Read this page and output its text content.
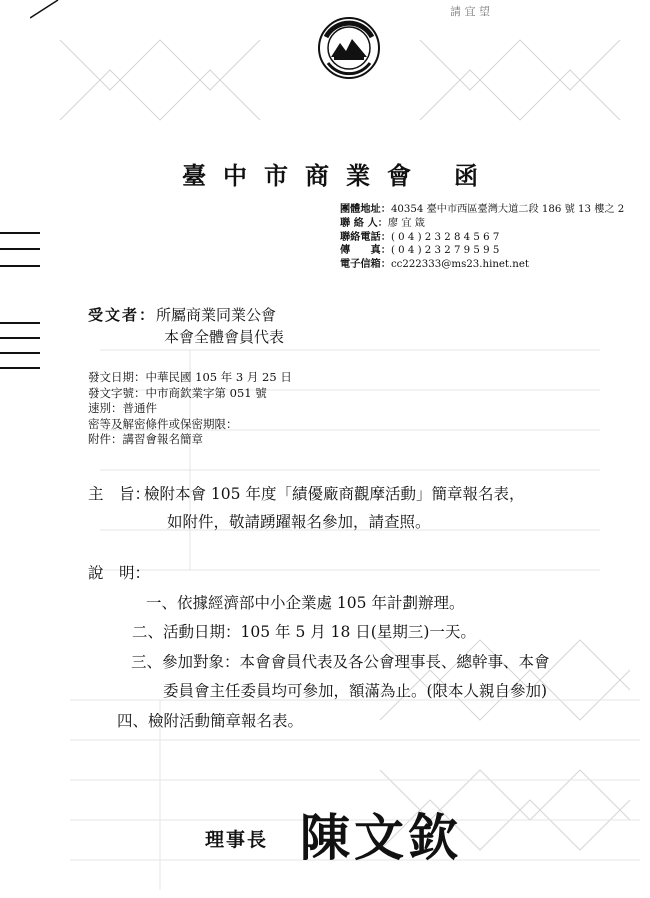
請 宜 望
臺中市商業會 函
團體地址：40354 臺中市西區臺灣大道二段 186 號 13 樓之 2
聯 絡 人：廖 宜 箴
聯絡電話：( 0 4 ) 2 3 2 8 4 5 6 7
傳　　真：( 0 4 ) 2 3 2 7 9 5 9 5
電子信箱：cc222333@ms23.hinet.net
受文者：所屬商業同業公會
本會全體會員代表
發文日期：中華民國 105 年 3 月 25 日
發文字號：中市商欽業字第 051 號
速別：普通件
密等及解密條件或保密期限：
附件：講習會報名簡章
主　旨：檢附本會 105 年度「績優廠商觀摩活動」簡章報名表，
如附件，敬請踴躍報名參加，請查照。
說　明：
一、依據經濟部中小企業處 105 年計劃辦理。
二、活動日期：105 年 5 月 18 日(星期三)一天。
三、參加對象：本會會員代表及各公會理事長、總幹事、本會
委員會主任委員均可參加，額滿為止。(限本人親自參加)
四、檢附活動簡章報名表。
理事長 陳文欽
